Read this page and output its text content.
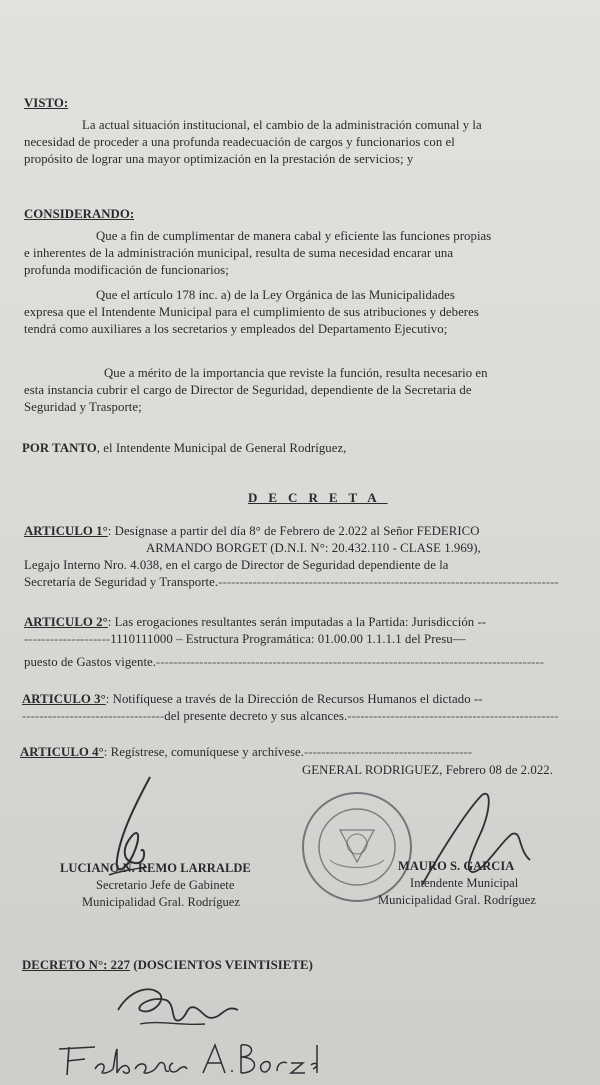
VISTO:
La actual situación institucional, el cambio de la administración comunal y la
necesidad de proceder a una profunda readecuación de cargos y funcionarios con el
propósito de lograr una mayor optimización en la prestación de servicios; y
CONSIDERANDO:
Que a fin de cumplimentar de manera cabal y eficiente las funciones propias
e inherentes de la administración municipal, resulta de suma necesidad encarar una
profunda modificación de funcionarios;
Que el artículo 178 inc. a) de la Ley Orgánica de las Municipalidades
expresa que el Intendente Municipal para el cumplimiento de sus atribuciones y deberes
tendrá como auxiliares a los secretarios y empleados del Departamento Ejecutivo;
Que a mérito de la importancia que reviste la función, resulta necesario en
esta instancia cubrir el cargo de Director de Seguridad, dependiente de la Secretaria de
Seguridad y Trasporte;
POR TANTO, el Intendente Municipal de General Rodríguez,
DECRETA
ARTICULO 1°: Desígnase a partir del día 8° de Febrero de 2.022 al Señor FEDERICO
ARMANDO BORGET (D.N.I. N°: 20.432.110 - CLASE 1.969),
Legajo Interno Nro. 4.038, en el cargo de Director de Seguridad dependiente de la
Secretaría de Seguridad y Transporte.-------------------------------------------------------------------------------
ARTICULO 2°: Las erogaciones resultantes serán imputadas a la Partida: Jurisdicción --
--------------------1110111000 – Estructura Programática: 01.00.00 1.1.1.1 del Presu—
puesto de Gastos vigente.------------------------------------------------------------------------------------------
ARTICULO 3°: Notifíquese a través de la Dirección de Recursos Humanos el dictado --
---------------------------------del presente decreto y sus alcances.-------------------------------------------------
ARTICULO 4°: Regístrese, comuníquese y archívese.---------------------------------------
GENERAL RODRIGUEZ, Febrero 08 de 2.022.
LUCIANO N. REMO LARRALDE
Secretario Jefe de Gabinete
Municipalidad Gral. Rodríguez
MAURO S. GARCIA
Intendente Municipal
Municipalidad Gral. Rodríguez
DECRETO N°: 227 (DOSCIENTOS VEINTISIETE)
